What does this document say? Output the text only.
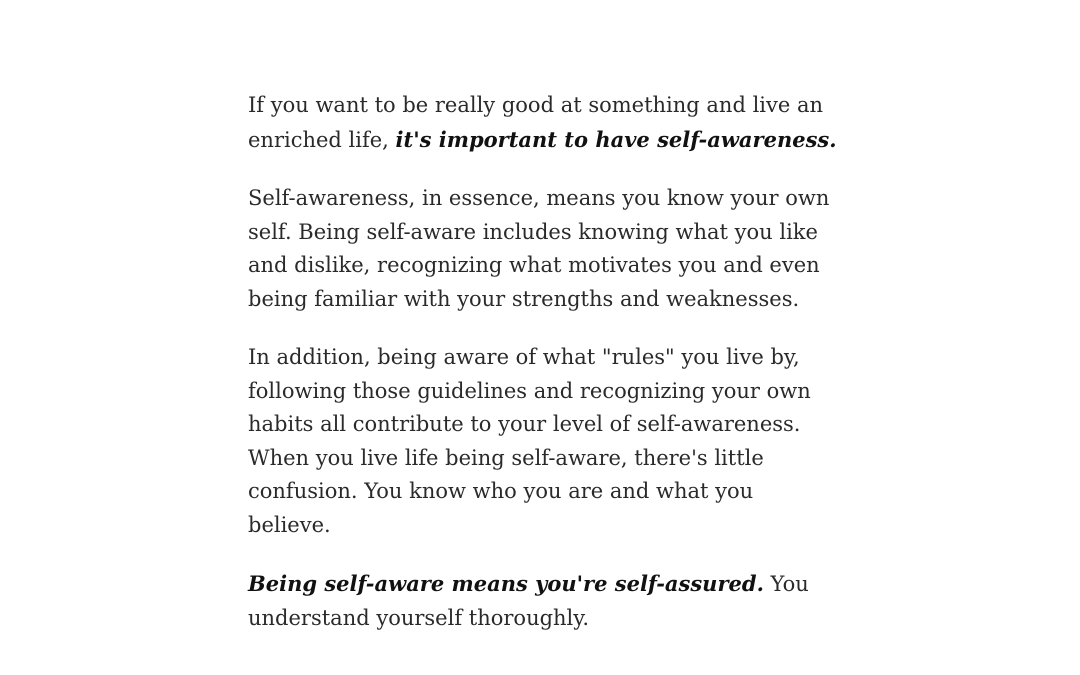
If you want to be really good at something and live an enriched life, it's important to have self-awareness.

Self-awareness, in essence, means you know your own self. Being self-aware includes knowing what you like and dislike, recognizing what motivates you and even being familiar with your strengths and weaknesses.

In addition, being aware of what "rules" you live by, following those guidelines and recognizing your own habits all contribute to your level of self-awareness. When you live life being self-aware, there's little confusion. You know who you are and what you believe.

Being self-aware means you're self-assured. You understand yourself thoroughly.
